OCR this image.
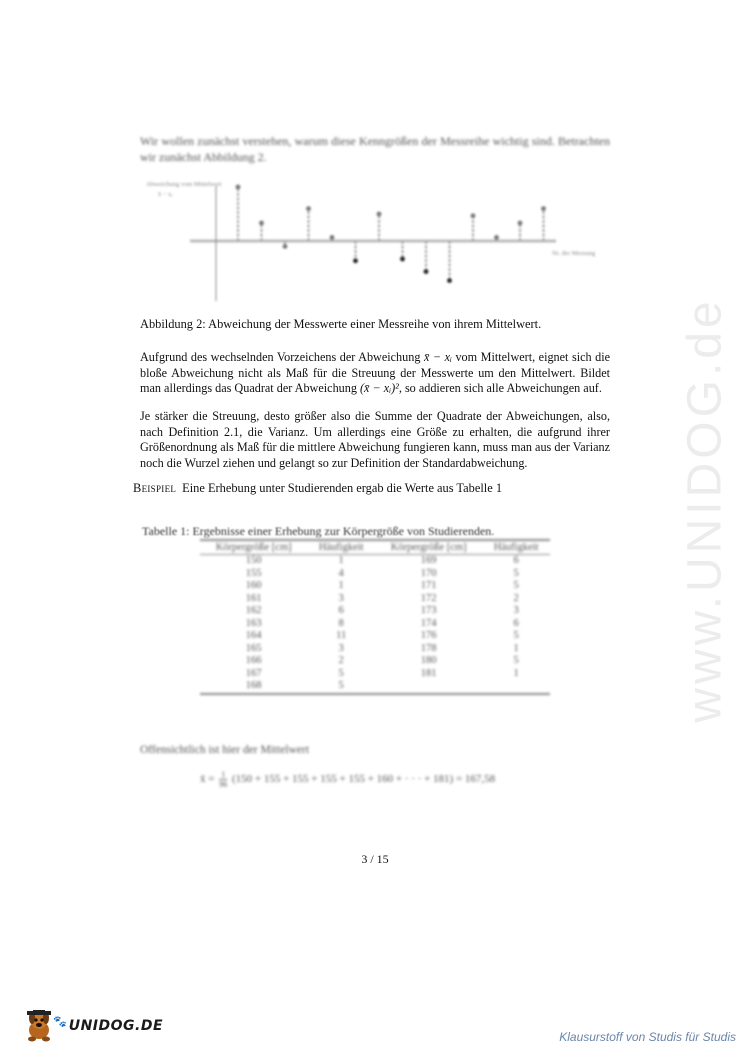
Wir wollen zunächst verstehen, warum diese Kenngrößen der Messreihe wichtig sind. Betrachten wir zunächst Abbildung 2.
Abweichung vom Mittelwert
x̄ − xᵢ
Nr. der Messung
Abbildung 2: Abweichung der Messwerte einer Messreihe von ihrem Mittelwert.
Aufgrund des wechselnden Vorzeichens der Abweichung x̄ − xᵢ vom Mittelwert, eignet sich die bloße Abweichung nicht als Maß für die Streuung der Messwerte um den Mittelwert. Bildet man allerdings das Quadrat der Abweichung (x̄ − xᵢ)², so addieren sich alle Abweichungen auf.
Je stärker die Streuung, desto größer also die Summe der Quadrate der Abweichungen, also, nach Definition 2.1, die Varianz. Um allerdings eine Größe zu erhalten, die aufgrund ihrer Größenordnung als Maß für die mittlere Abweichung fungieren kann, muss man aus der Varianz noch die Wurzel ziehen und gelangt so zur Definition der Standardabweichung.
Beispiel Eine Erhebung unter Studierenden ergab die Werte aus Tabelle 1
Tabelle 1: Ergebnisse einer Erhebung zur Körpergröße von Studierenden.
Körpergröße [cm]	Häufigkeit	Körpergröße [cm]	Häufigkeit
150	1	169	6
155	4	170	5
160	1	171	5
161	3	172	2
162	6	173	3
163	8	174	6
164	11	176	5
165	3	178	1
166	2	180	5
167	5	181	1
168	5		
Offensichtlich ist hier der Mittelwert
x̄ = $\frac{1}{96} (150 + 155 + 155 + 155 + 155 + 160$ + · · · + 181) = 167,58
3 / 15
www.UNIDOG.de
🐾 UNIDOG.DE
Klausurstoff von Studis für Studis
